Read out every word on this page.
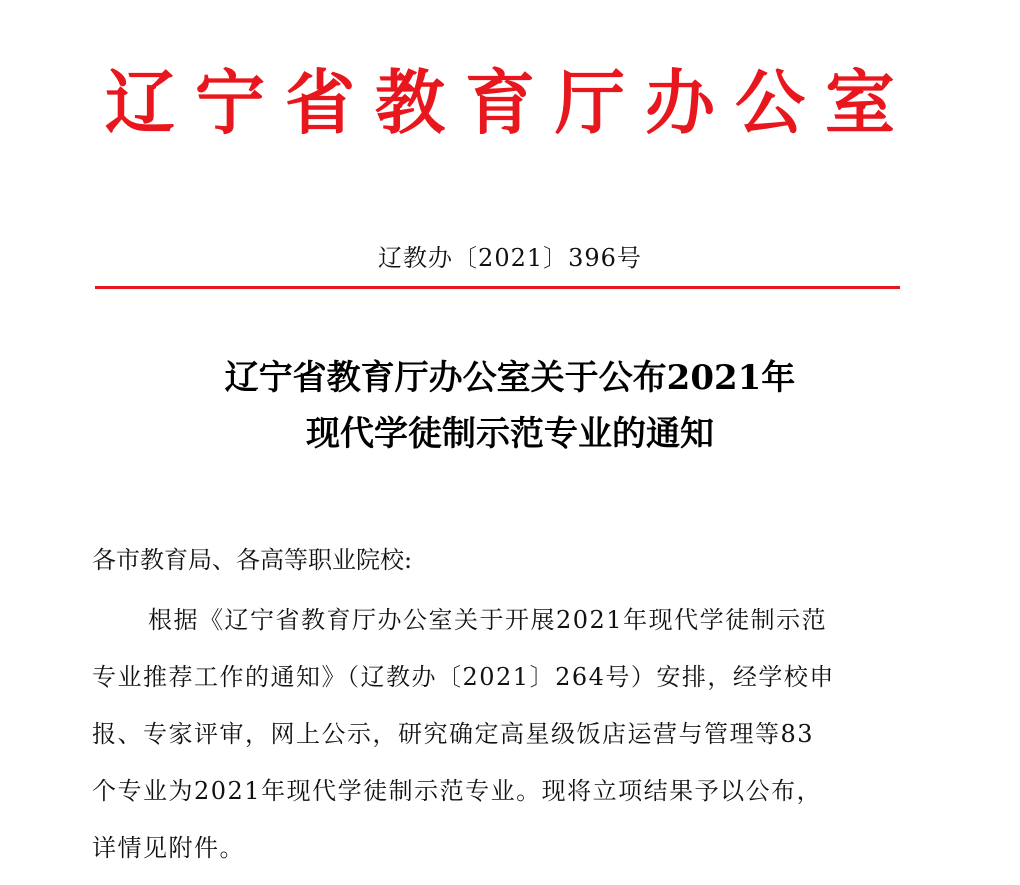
辽宁省教育厅办公室
辽教办〔2021〕396号
辽宁省教育厅办公室关于公布2021年
现代学徒制示范专业的通知
各市教育局、各高等职业院校:
根据《辽宁省教育厅办公室关于开展2021年现代学徒制示范
专业推荐工作的通知》（辽教办〔2021〕264号）安排，经学校申
报、专家评审，网上公示，研究确定高星级饭店运营与管理等83
个专业为2021年现代学徒制示范专业。现将立项结果予以公布，
详情见附件。
